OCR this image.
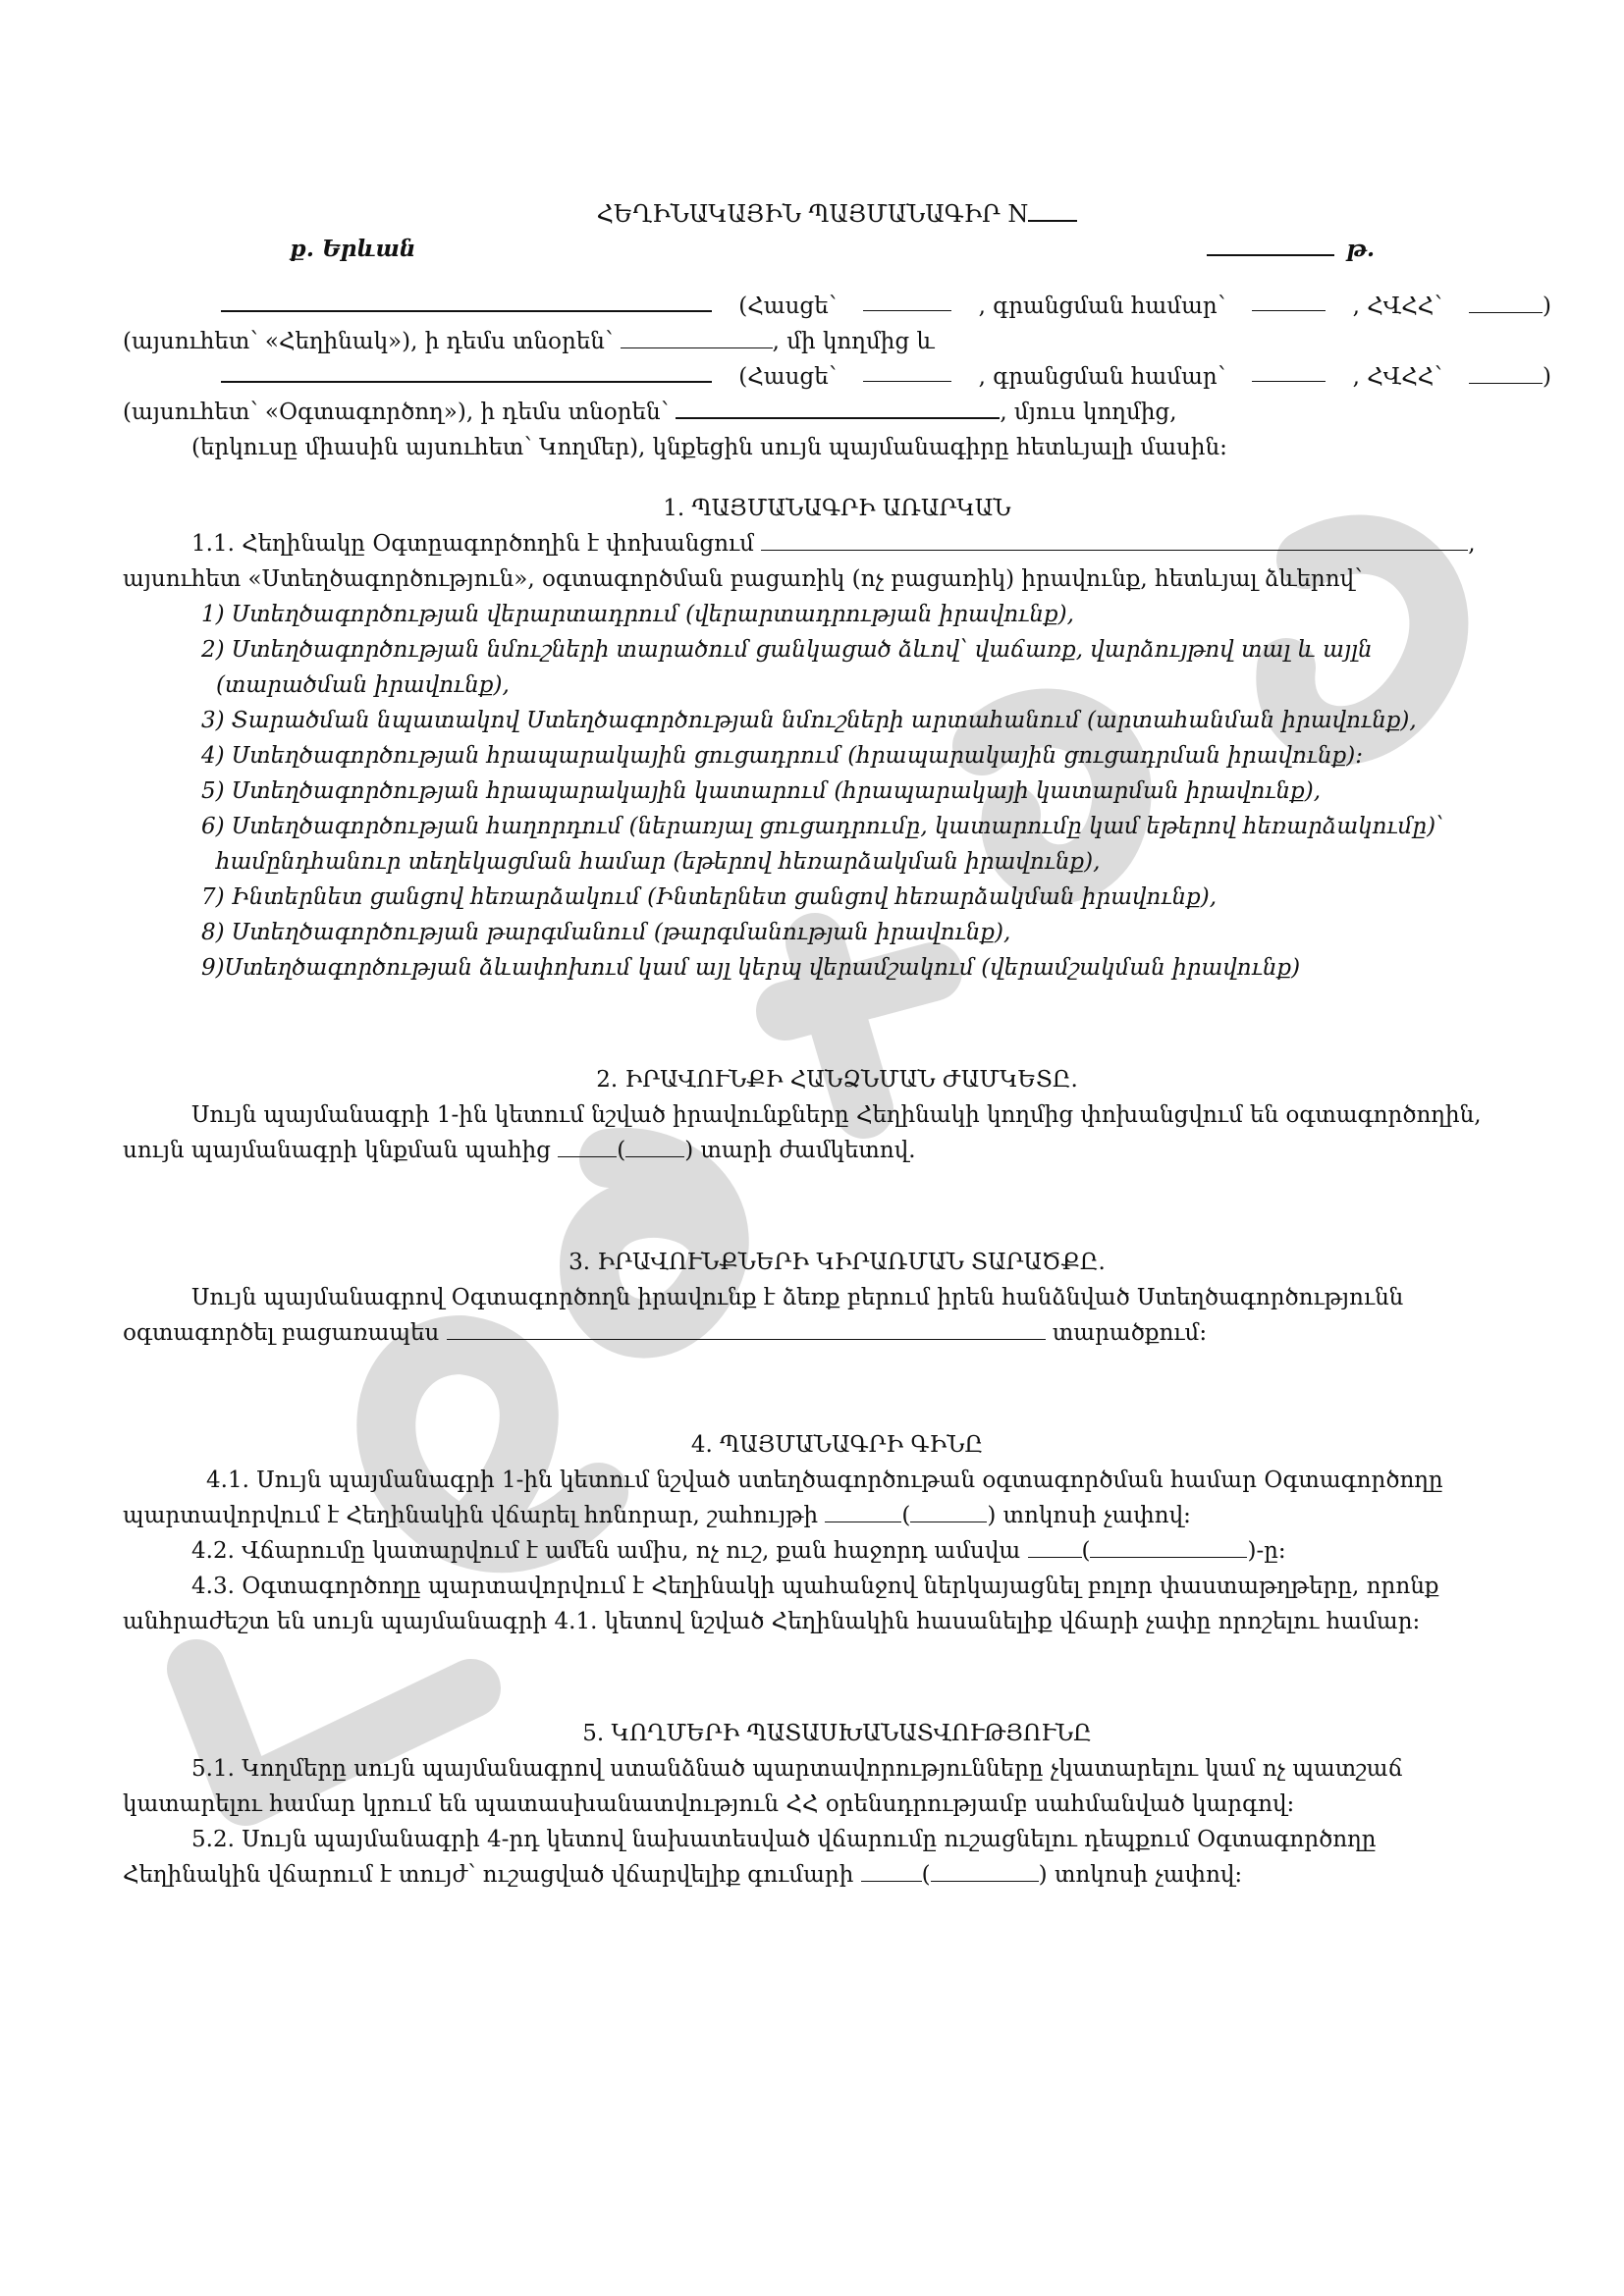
ՀԵՂԻՆԱԿԱՅԻՆ ՊԱՅՄԱՆԱԳԻՐ N
ք. Երևան	թ.
(Հասցե՝	, գրանցման համար՝	, ՀՎՀՀ՝	)

(այսուհետ՝ «Հեղինակ»), ի դեմս տնօրեն՝	, մի կողմից և

(Հասցե՝	, գրանցման համար՝	, ՀՎՀՀ՝	)

(այսուհետ՝ «Օգտագործող»), ի դեմս տնօրեն՝	, մյուս կողմից,

(երկուսը միասին այսուհետ՝ Կողմեր), կնքեցին սույն պայմանագիրը հետևյալի մասին:

1. ՊԱՅՄԱՆԱԳՐԻ ԱՌԱՐԿԱՆ

1.1. Հեղինակը Օգտըագործողին է փոխանցում	,

այսուհետ «Ստեղծագործություն», օգտագործման բացառիկ (ոչ բացառիկ) իրավունք, հետևյալ ձևերով՝

1) Ստեղծագործության վերարտադրում (վերարտադրության իրավունք),
2) Ստեղծագործության նմուշների տարածում ցանկացած ձևով՝ վաճառք, վարձույթով տալ և այլն
(տարածման իրավունք),
3) Տարածման նպատակով Ստեղծագործության նմուշների արտահանում (արտահանման իրավունք),
4) Ստեղծագործության հրապարակային ցուցադրում (հրապարակային ցուցադրման իրավունք):
5) Ստեղծագործության հրապարակային կատարում (հրապարակայի կատարման իրավունք),
6) Ստեղծագործության հաղորդում (ներառյալ ցուցադրումը, կատարումը կամ եթերով հեռարձակումը)՝
համընդհանուր տեղեկացման համար (եթերով հեռարձակման իրավունք),
7) Ինտերնետ ցանցով հեռարձակում (Ինտերնետ ցանցով հեռարձակման իրավունք),
8) Ստեղծագործության թարգմանում (թարգմանության իրավունք),
9)Ստեղծագործության ձևափոխում կամ այլ կերպ վերամշակում (վերամշակման իրավունք)

2. ԻՐԱՎՈՒՆՔԻ ՀԱՆՁՆՄԱՆ ԺԱՄԿԵՏԸ.

Սույն պայմանագրի 1-ին կետում նշված իրավունքները Հեղինակի կողմից փոխանցվում են օգտագործողին,

սույն պայմանագրի կնքման պահից	(	) տարի ժամկետով.

3. ԻՐԱՎՈՒՆՔՆԵՐԻ ԿԻՐԱՌՄԱՆ ՏԱՐԱԾՔԸ.

Սույն պայմանագրով Օգտագործողն իրավունք է ձեռք բերում իրեն հանձնված Ստեղծագործությունն

օգտագործել բացառապես	տարածքում:

4. ՊԱՅՄԱՆԱԳՐԻ ԳԻՆԸ

4.1. Սույն պայմանագրի 1-ին կետում նշված ստեղծագործութան օգտագործման համար Օգտագործողը

պարտավորվում է Հեղինակին վճարել հոնորար, շահույթի	(	) տոկոսի չափով:

4.2. Վճարումը կատարվում է ամեն ամիս, ոչ ուշ, քան հաջորդ ամսվա	(	)-ը:

4.3. Օգտագործողը պարտավորվում է Հեղինակի պահանջով ներկայացնել բոլոր փաստաթղթերը, որոնք

անհրաժեշտ են սույն պայմանագրի 4.1. կետով նշված Հեղինակին հասանելիք վճարի չափը որոշելու համար:

5. ԿՈՂՄԵՐԻ ՊԱՏԱՍԽԱՆԱՏՎՈՒԹՅՈՒՆԸ

5.1. Կողմերը սույն պայմանագրով ստանձնած պարտավորությունները չկատարելու կամ ոչ պատշաճ

կատարելու համար կրում են պատասխանատվություն ՀՀ օրենսդրությամբ սահմանված կարգով:

5.2. Սույն պայմանագրի 4-րդ կետով նախատեսված վճարումը ուշացնելու դեպքում Օգտագործողը

Հեղինակին վճարում է տույժ՝ ուշացված վճարվելիք գումարի	(	) տոկոսի չափով:
